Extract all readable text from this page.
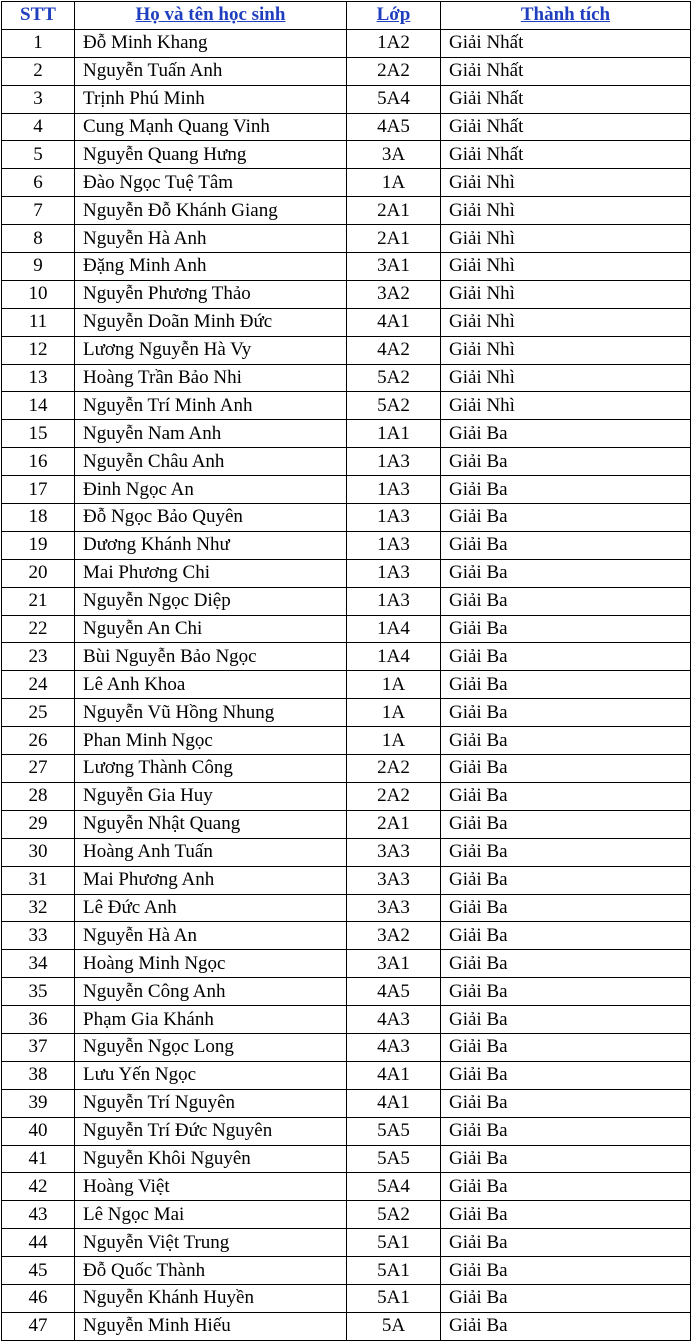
STT	Họ và tên học sinh	Lớp	Thành tích
1	Đỗ Minh Khang	1A2	Giải Nhất
2	Nguyễn Tuấn Anh	2A2	Giải Nhất
3	Trịnh Phú Minh	5A4	Giải Nhất
4	Cung Mạnh Quang Vinh	4A5	Giải Nhất
5	Nguyễn Quang Hưng	3A	Giải Nhất
6	Đào Ngọc Tuệ Tâm	1A	Giải Nhì
7	Nguyễn Đỗ Khánh Giang	2A1	Giải Nhì
8	Nguyễn Hà Anh	2A1	Giải Nhì
9	Đặng Minh Anh	3A1	Giải Nhì
10	Nguyễn Phương Thảo	3A2	Giải Nhì
11	Nguyễn Doãn Minh Đức	4A1	Giải Nhì
12	Lương Nguyễn Hà Vy	4A2	Giải Nhì
13	Hoàng Trần Bảo Nhi	5A2	Giải Nhì
14	Nguyễn Trí Minh Anh	5A2	Giải Nhì
15	Nguyễn Nam Anh	1A1	Giải Ba
16	Nguyễn Châu Anh	1A3	Giải Ba
17	Đinh Ngọc An	1A3	Giải Ba
18	Đỗ Ngọc Bảo Quyên	1A3	Giải Ba
19	Dương Khánh Như	1A3	Giải Ba
20	Mai Phương Chi	1A3	Giải Ba
21	Nguyễn Ngọc Diệp	1A3	Giải Ba
22	Nguyễn An Chi	1A4	Giải Ba
23	Bùi Nguyễn Bảo Ngọc	1A4	Giải Ba
24	Lê Anh Khoa	1A	Giải Ba
25	Nguyễn Vũ Hồng Nhung	1A	Giải Ba
26	Phan Minh Ngọc	1A	Giải Ba
27	Lương Thành Công	2A2	Giải Ba
28	Nguyễn Gia Huy	2A2	Giải Ba
29	Nguyễn Nhật Quang	2A1	Giải Ba
30	Hoàng Anh Tuấn	3A3	Giải Ba
31	Mai Phương Anh	3A3	Giải Ba
32	Lê Đức Anh	3A3	Giải Ba
33	Nguyễn Hà An	3A2	Giải Ba
34	Hoàng Minh Ngọc	3A1	Giải Ba
35	Nguyễn Công Anh	4A5	Giải Ba
36	Phạm Gia Khánh	4A3	Giải Ba
37	Nguyễn Ngọc Long	4A3	Giải Ba
38	Lưu Yến Ngọc	4A1	Giải Ba
39	Nguyễn Trí Nguyên	4A1	Giải Ba
40	Nguyễn Trí Đức Nguyên	5A5	Giải Ba
41	Nguyễn Khôi Nguyên	5A5	Giải Ba
42	Hoàng Việt	5A4	Giải Ba
43	Lê Ngọc Mai	5A2	Giải Ba
44	Nguyễn Việt Trung	5A1	Giải Ba
45	Đỗ Quốc Thành	5A1	Giải Ba
46	Nguyễn Khánh Huyền	5A1	Giải Ba
47	Nguyễn Minh Hiếu	5A	Giải Ba
